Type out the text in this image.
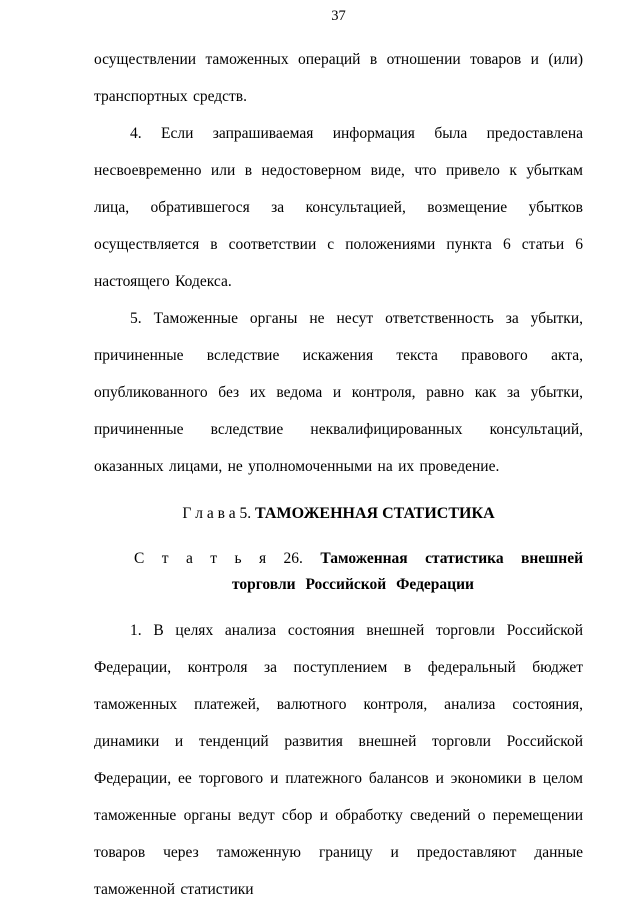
37

осуществлении таможенных операций в отношении товаров и (или) транспортных средств.

4. Если запрашиваемая информация была предоставлена несвоевременно или в недостоверном виде, что привело к убыткам лица, обратившегося за консультацией, возмещение убытков осуществляется в соответствии с положениями пункта 6 статьи 6 настоящего Кодекса.

5. Таможенные органы не несут ответственность за убытки, причиненные вследствие искажения текста правового акта, опубликованного без их ведома и контроля, равно как за убытки, причиненные вследствие неквалифицированных консультаций, оказанных лицами, не уполномоченными на их проведение.

Г л а в а 5. ТАМОЖЕННАЯ СТАТИСТИКА
С т а т ь я 26. Таможенная статистика внешней торговли Российской Федерации

1. В целях анализа состояния внешней торговли Российской Федерации, контроля за поступлением в федеральный бюджет таможенных платежей, валютного контроля, анализа состояния, динамики и тенденций развития внешней торговли Российской Федерации, ее торгового и платежного балансов и экономики в целом таможенные органы ведут сбор и обработку сведений о перемещении товаров через таможенную границу и предоставляют данные таможенной статистики
